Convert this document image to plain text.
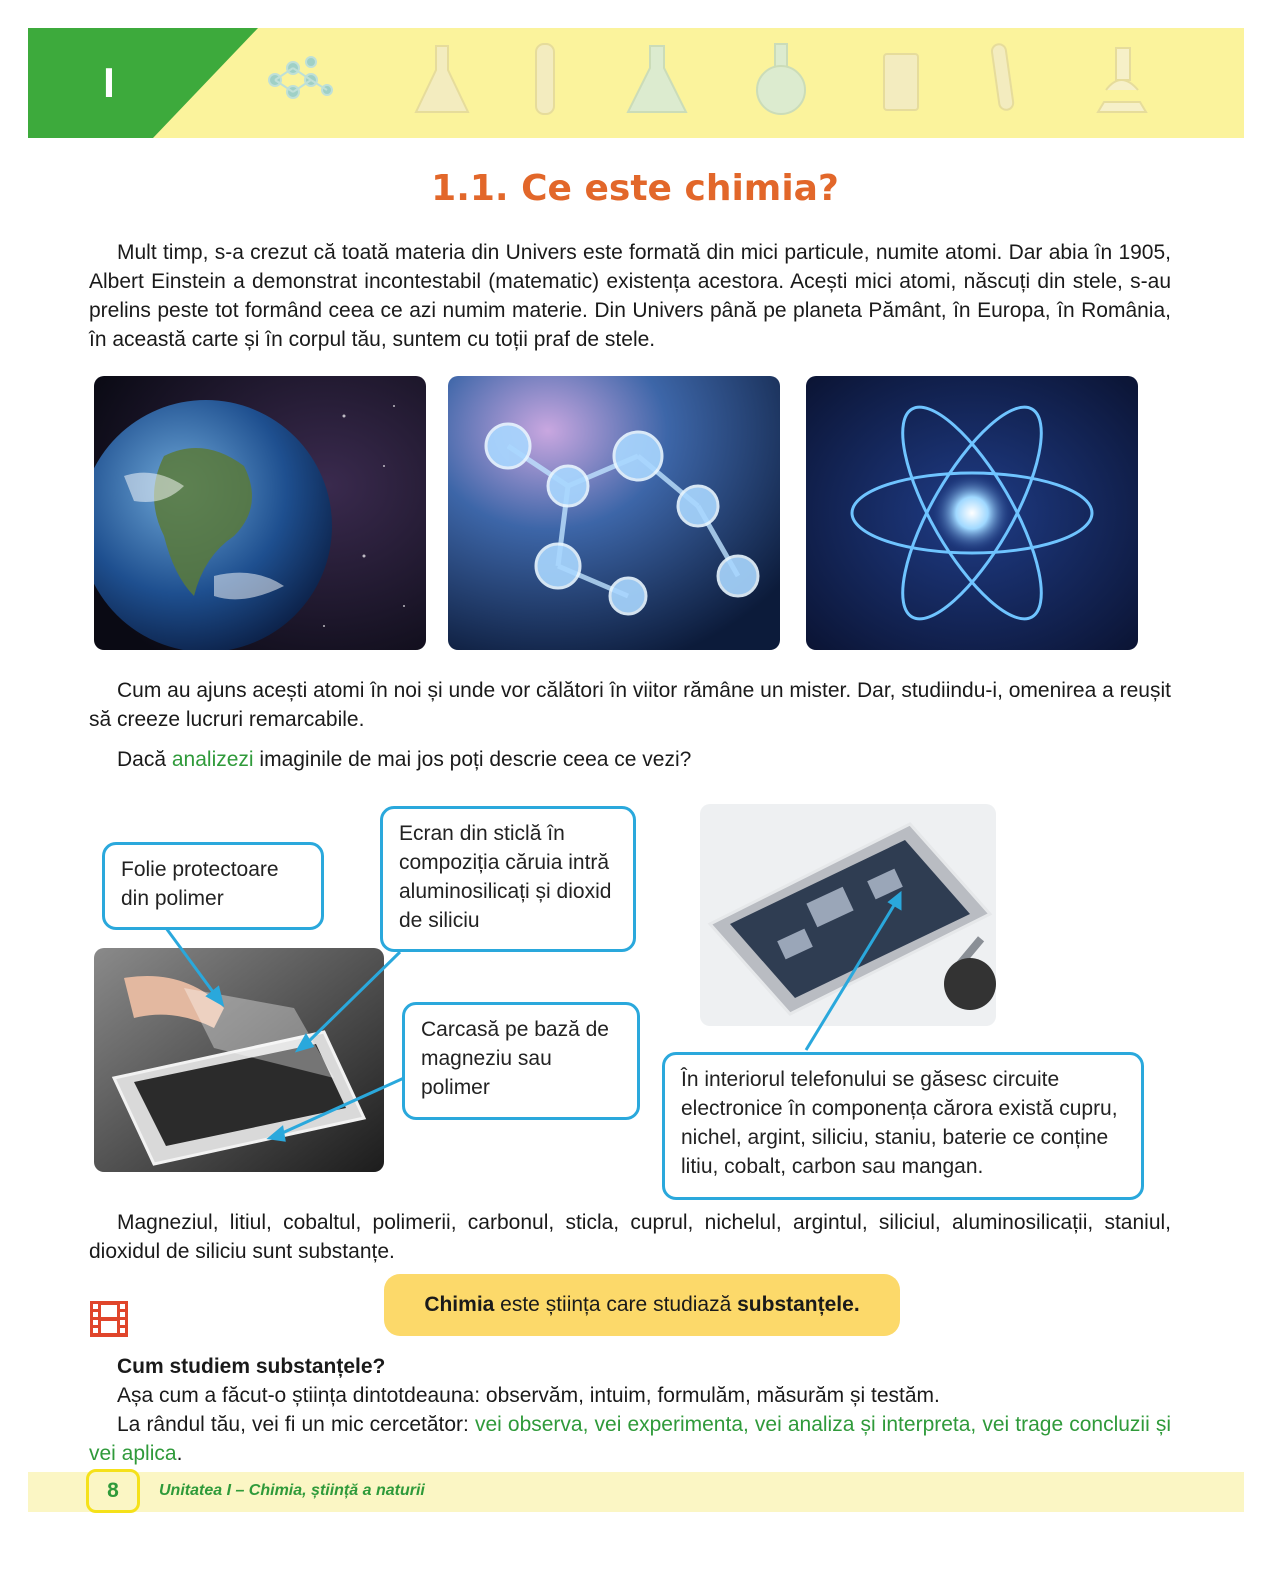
I
1.1. Ce este chimia?

Mult timp, s-a crezut că toată materia din Univers este formată din mici particule, numite atomi. Dar abia în 1905, Albert Einstein a demonstrat incontestabil (matematic) existența acestora. Acești mici atomi, născuți din stele, s-au prelins peste tot formând ceea ce azi numim materie. Din Univers până pe planeta Pământ, în Europa, în România, în această carte și în corpul tău, suntem cu toții praf de stele.

Cum au ajuns acești atomi în noi și unde vor călători în viitor rămâne un mister. Dar, studiindu-i, omenirea a reușit să creeze lucruri remarcabile.

Dacă analizezi imaginile de mai jos poți descrie ceea ce vezi?

Folie protectoare din polimer
Ecran din sticlă în compoziția căruia intră aluminosilicați și dioxid de siliciu
Carcasă pe bază de magneziu sau polimer	În interiorul telefonului se găsesc circuite electronice în componența cărora există cupru, nichel, argint, siliciu, staniu, baterie ce conține litiu, cobalt, carbon sau mangan.

Magneziul, litiul, cobaltul, polimerii, carbonul, sticla, cuprul, nichelul, argintul, siliciul, aluminosilicații, staniul, dioxidul de siliciu sunt substanțe.

Chimia este știința care studiază substanțele.
Cum studiem substanțele?

Așa cum a făcut-o știința dintotdeauna: observăm, intuim, formulăm, măsurăm și testăm.

La rândul tău, vei fi un mic cercetător: vei observa, vei experimenta, vei analiza și interpreta, vei trage concluzii și vei aplica.

8	Unitatea I – Chimia, știință a naturii
